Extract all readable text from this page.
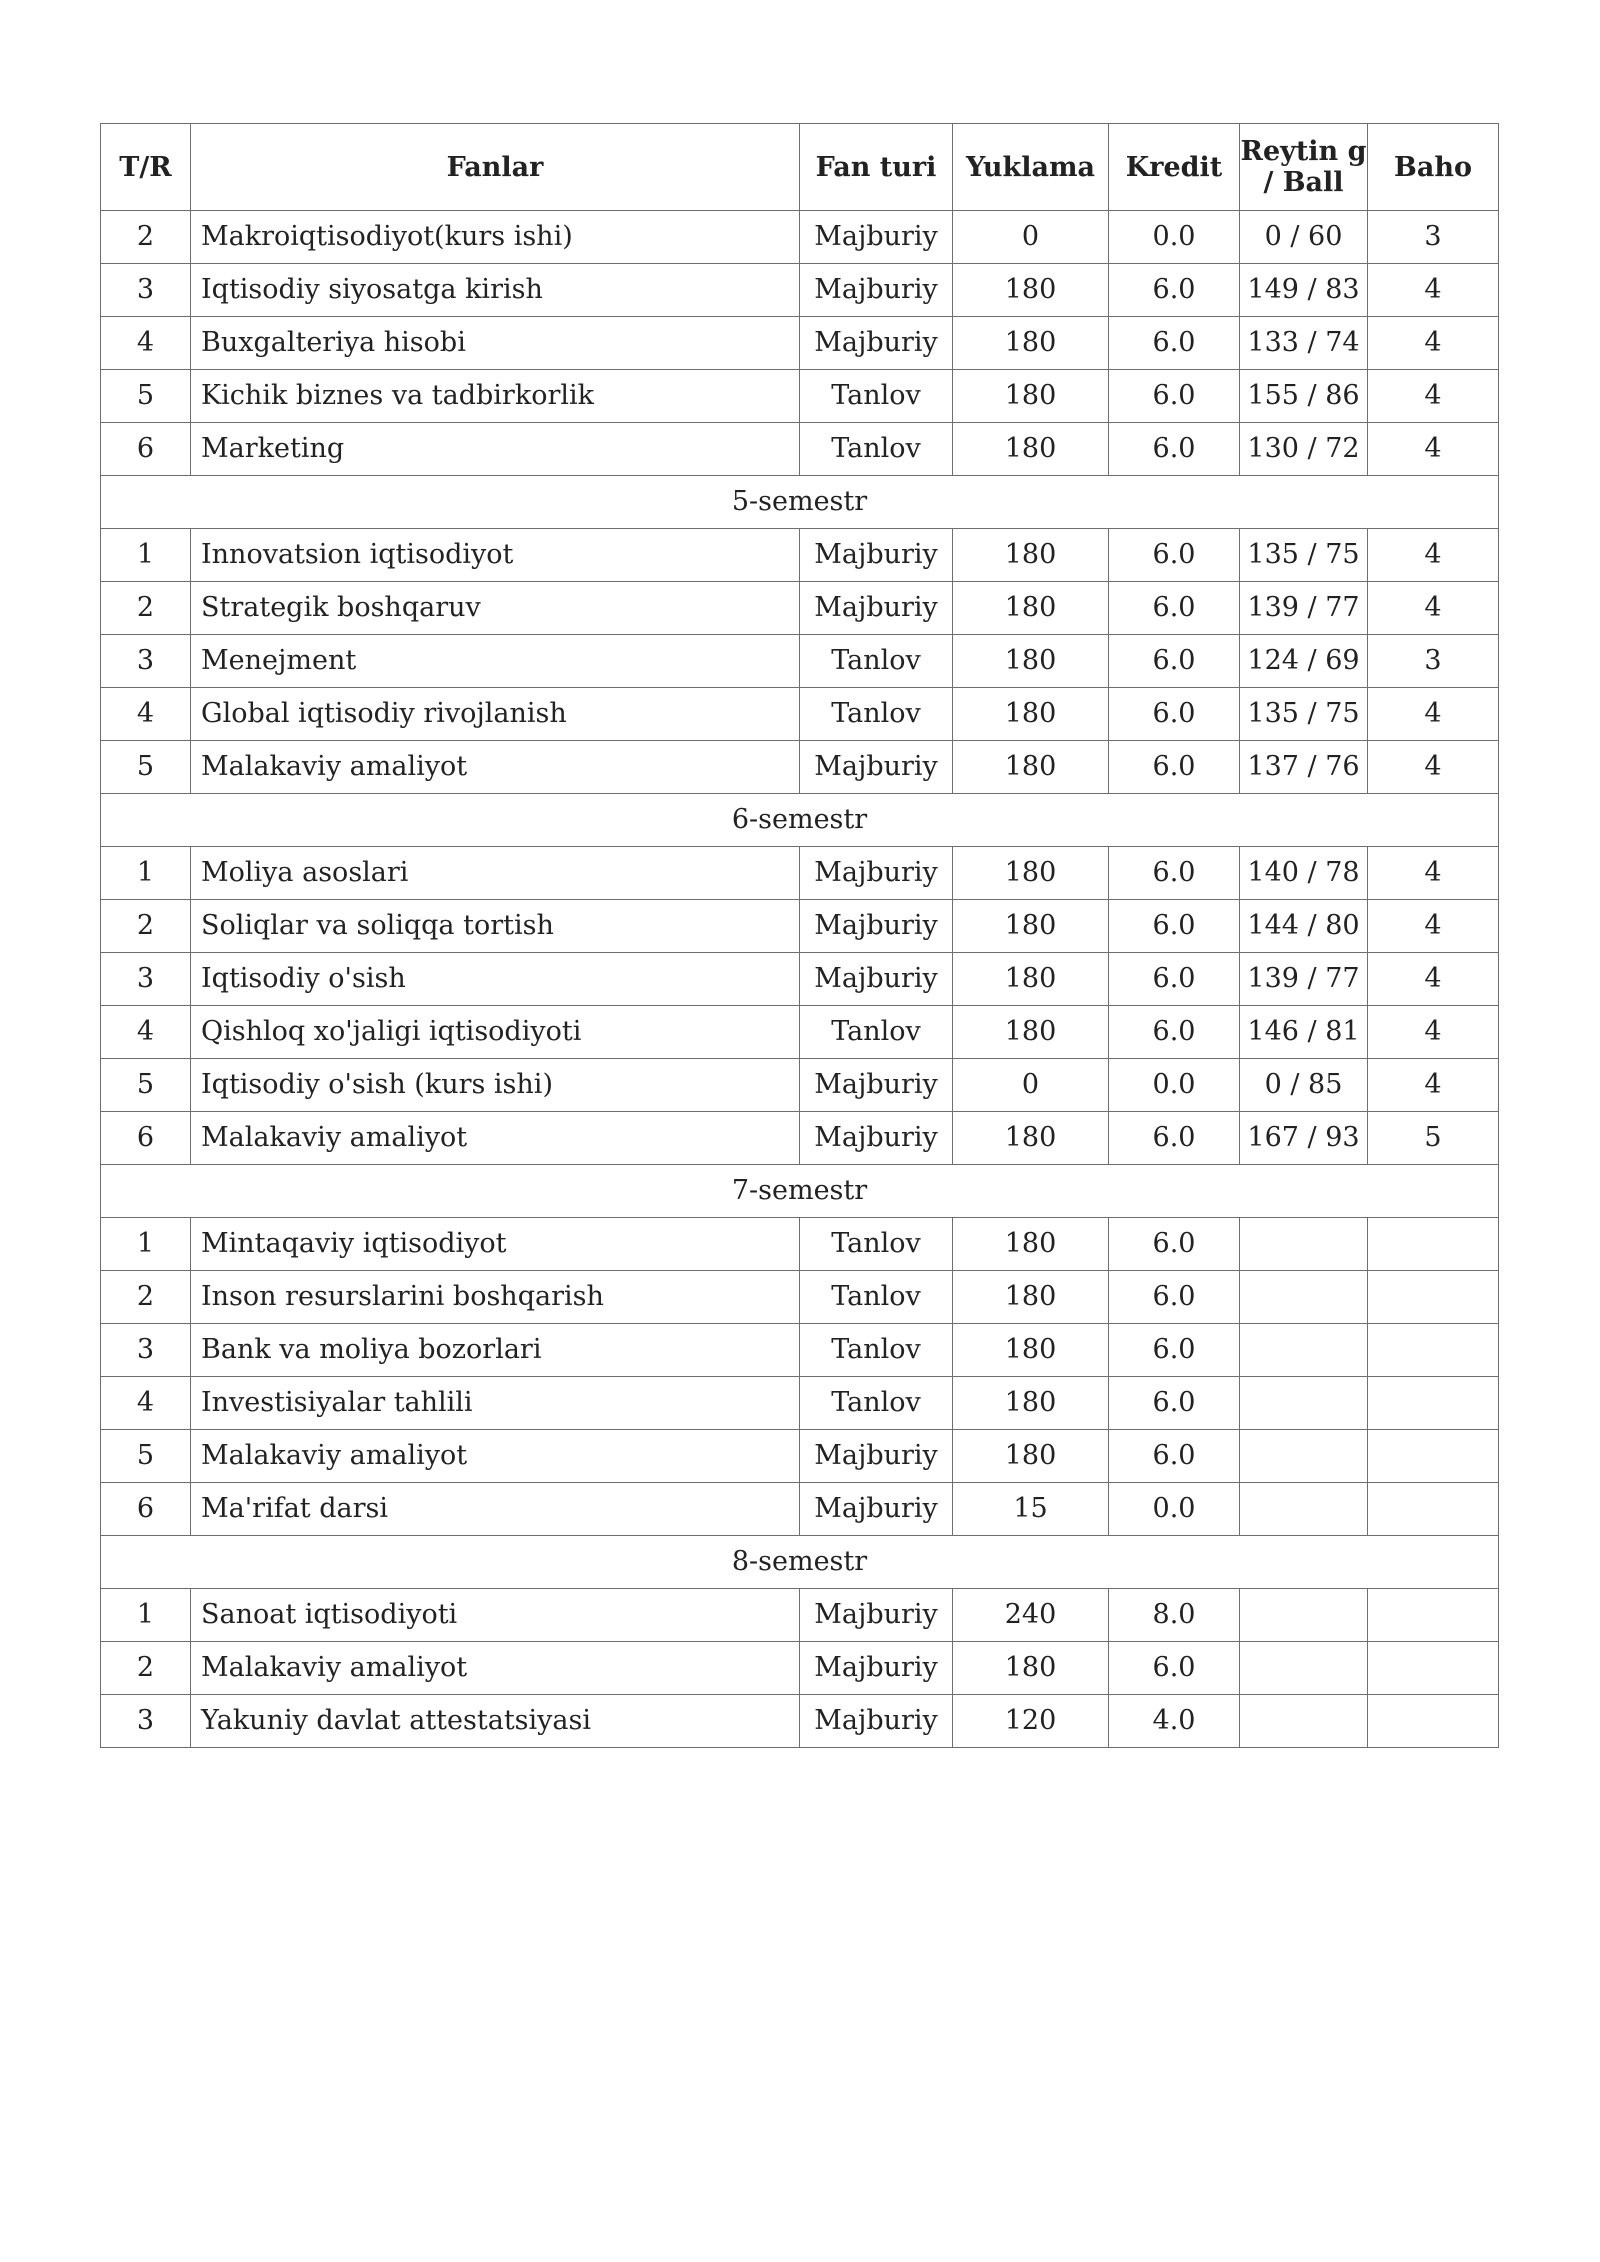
T/R	Fanlar	Fan turi	Yuklama	Kredit	Reytin g / Ball	Baho
2	Makroiqtisodiyot(kurs ishi)	Majburiy	0	0.0	0 / 60	3
3	Iqtisodiy siyosatga kirish	Majburiy	180	6.0	149 / 83	4
4	Buxgalteriya hisobi	Majburiy	180	6.0	133 / 74	4
5	Kichik biznes va tadbirkorlik	Tanlov	180	6.0	155 / 86	4
6	Marketing	Tanlov	180	6.0	130 / 72	4
5-semestr						
1	Innovatsion iqtisodiyot	Majburiy	180	6.0	135 / 75	4
2	Strategik boshqaruv	Majburiy	180	6.0	139 / 77	4
3	Menejment	Tanlov	180	6.0	124 / 69	3
4	Global iqtisodiy rivojlanish	Tanlov	180	6.0	135 / 75	4
5	Malakaviy amaliyot	Majburiy	180	6.0	137 / 76	4
6-semestr						
1	Moliya asoslari	Majburiy	180	6.0	140 / 78	4
2	Soliqlar va soliqqa tortish	Majburiy	180	6.0	144 / 80	4
3	Iqtisodiy o'sish	Majburiy	180	6.0	139 / 77	4
4	Qishloq xo'jaligi iqtisodiyoti	Tanlov	180	6.0	146 / 81	4
5	Iqtisodiy o'sish (kurs ishi)	Majburiy	0	0.0	0 / 85	4
6	Malakaviy amaliyot	Majburiy	180	6.0	167 / 93	5
7-semestr						
1	Mintaqaviy iqtisodiyot	Tanlov	180	6.0		
2	Inson resurslarini boshqarish	Tanlov	180	6.0		
3	Bank va moliya bozorlari	Tanlov	180	6.0		
4	Investisiyalar tahlili	Tanlov	180	6.0		
5	Malakaviy amaliyot	Majburiy	180	6.0		
6	Ma'rifat darsi	Majburiy	15	0.0		
8-semestr						
1	Sanoat iqtisodiyoti	Majburiy	240	8.0		
2	Malakaviy amaliyot	Majburiy	180	6.0		
3	Yakuniy davlat attestatsiyasi	Majburiy	120	4.0		
